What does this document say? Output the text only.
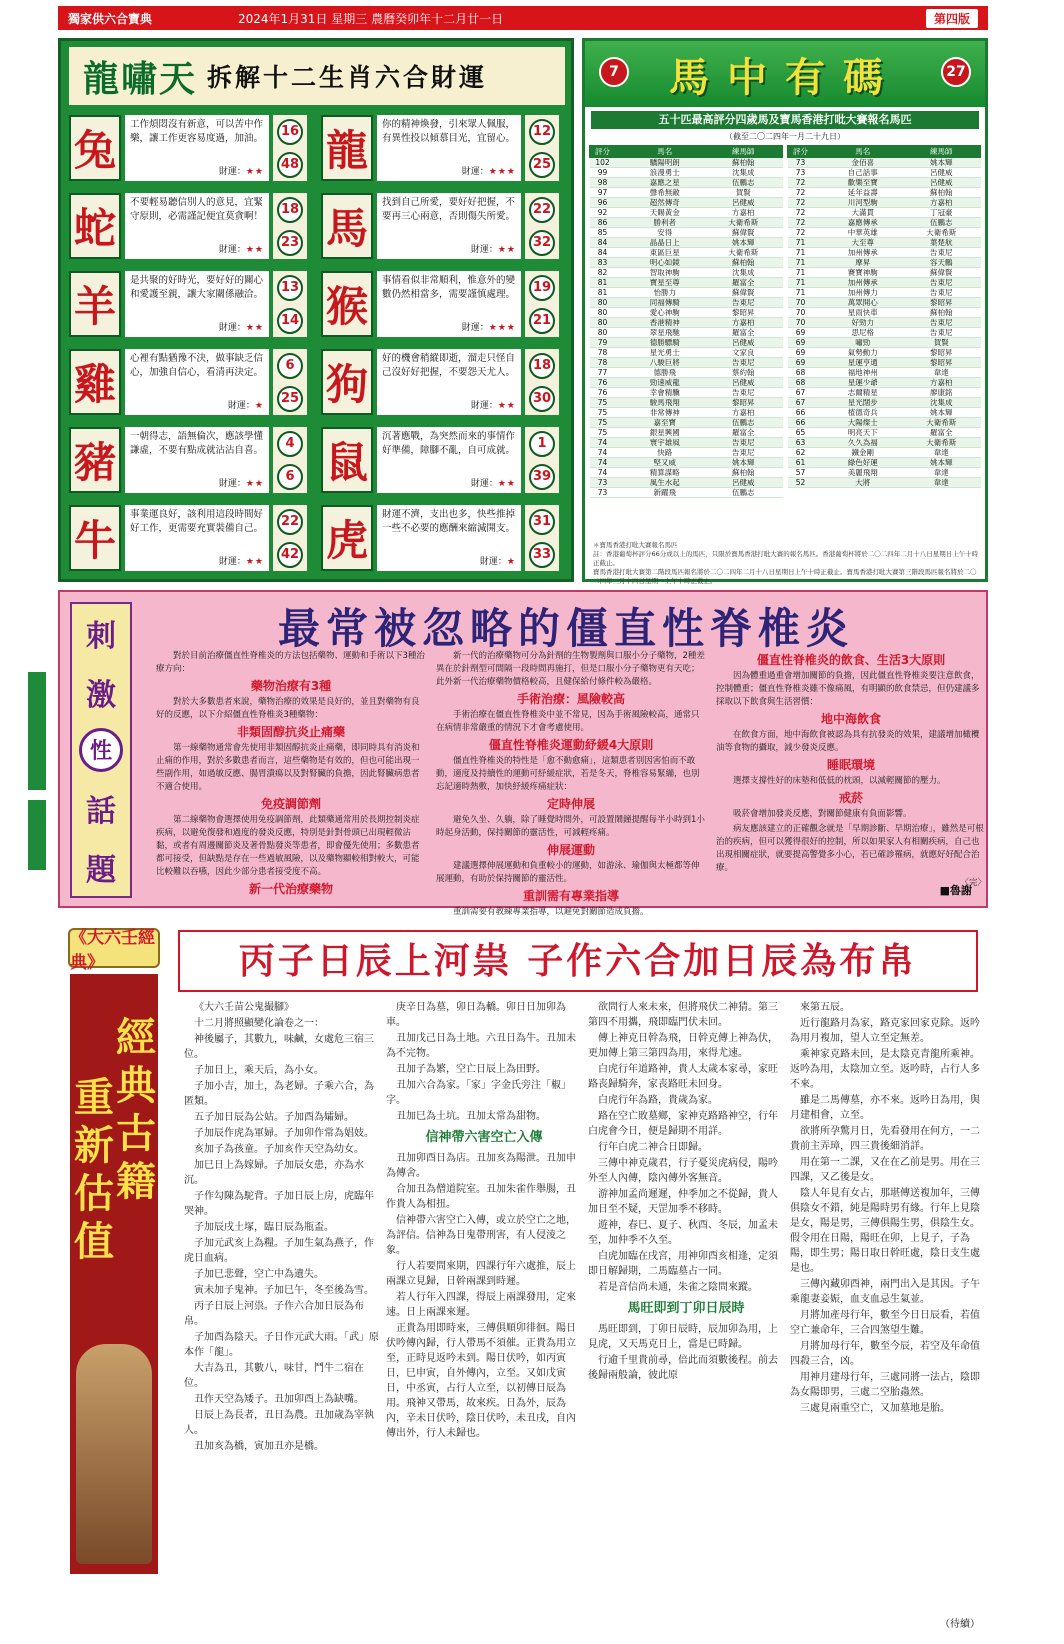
獨家供六合寶典	2024年1月31日 星期三 農曆癸卯年十二月廿一日	第四版
龍嘯天 拆解十二生肖六合財運
兔
工作煩悶沒有新意，可以苦中作樂，讓工作更容易度過，加油。
財運：★★
16
48 龍
你的精神煥發，引來眾人佩服，有異性投以傾慕目光，宜留心。
財運：★★★
12
25
蛇
不要輕易聽信別人的意見，宜緊守原則，必需謹記便宜莫貪啊！
財運：★★
18
23 馬
找到自己所愛，要好好把握，不要再三心兩意，否則傷失所愛。
財運：★★
22
32
羊
是共聚的好時光，要好好的關心和愛護至親，讓大家關係融洽。
財運：★★
13
14 猴
事情看似非常順利，惟意外的變數仍然相當多，需要謹慎處理。
財運：★★★
19
21
雞
心裡有點猶豫不決，做事缺乏信心，加強自信心，看清再決定。
財運：★
6
25 狗
好的機會稍縱即逝，溜走只怪自己沒好好把握，不要怨天尤人。
財運：★★
18
30
豬
一朝得志，語無倫次，應該學懂謙虛，不要有點成就沾沾自喜。
財運：★★
4
6 鼠
沉著應戰，為突然而來的事情作好準備，障腳不亂，自可成就。
財運：★★
1
39
牛
事業運良好，該利用這段時間好好工作，更需要充實裝備自己。
財運：★★
22
42 虎
財運不濟，支出也多，快些推掉一些不必要的應酬來縮減開支。
財運：★
31
33
7 馬中有碼	27
五十匹最高評分四歲馬及寶馬香港打吡大賽報名馬匹
（截至二〇二四年一月二十九日）
評分		馬名	練馬師
102		驕陽明朗	蘇柏翰
99		浪漫勇士	沈集成
98		嘉應之星	伍鵬志
97		聲希無敵	賀賢
96		超然傳奇	呂健威
92		天賜黃金	方嘉柏
86		勝利者	大衛希斯
85		安得	蘇偉賢
84		晶晶日上	姚本輝
84		東區巨星	大衛希斯
83		明心如鏡	蘇柏翰
82		智取神駒	沈集成
81		寶星至尊	羅富全
81		怡勝力	蘇偉賢
80		同福傳騎	告東尼
80		愛心神駒	黎昭昇
80		香港精神	方嘉柏
80		翠星飛馳	羅富全
79		德勝驃騎	呂健威
78		星光勇士	文家良
78		八駿巨將	告東尼
77		德勝飛	蔡約翰
76		勁速威龍	呂健威
76		幸會精驥	告東尼
75		駿馬飛翔	黎昭昇
75		非常傳神	方嘉柏
75		嘉至寶	伍鵬志
75		銀星興國	羅富全
74		寰宇雄風	告東尼
74		快路	告東尼
74		堅又威	姚本輝
74		精算謀略	蘇柏翰
73		風生水起	呂健威
73		新躍飛	伍鵬志
評分		馬名	練馬師
73		金佰喜	姚本輝
73		自己話事	呂健威
72		歡樂至寶	呂健威
72		延年益壽	蘇柏翰
72		川河型駒	方嘉柏
72		大滿貫	丁冠豪
72		嘉應傳承	伍鵬志
72		中華英雄	大衛希斯
71		大至尊	葉楚航
71		加州傳承	告東尼
71		摩昇	容天鵬
71		賽寶神駒	蘇偉賢
71		加州傳承	告東尼
71		加州傳力	告東尼
70		萬眾開心	黎昭昇
70		星雨快車	蘇柏翰
70		好勁力	告東尼
69		思尼格	告東尼
69		嘯勁	賀賢
69		氣勢動力	黎昭昇
69		星運亨通	黎昭昇
68		福地神州	韋達
68		星運少爺	方嘉柏
67		志爾精星	廖康銘
67		星光闊步	沈集成
66		植德奇兵	姚本輝
66		大陽燦士	大衛希斯
65		明亮天下	羅富全
63		久久為福	大衛希斯
62		鐵金剛	韋達
61		綠色好運	姚本輝
57		美麗飛翔	韋達
52		大將	韋達
＊寶馬香港打吡大賽報名馬匹
註：香港葡萄杯評分66分或以上的馬匹，只限於寶馬香港打吡大賽的報名馬匹。香港葡萄杯將於二〇二四年二月十八日星期日上午十時正截止。
寶馬香港打吡大賽第二階段馬匹報名將於二〇二四年二月十八日星期日上午十時正截止。寶馬香港打吡大賽第三階段馬匹報名將於二〇二四年三月十四日星期一上午十時正截止。
刺
激
性
話
題
最常被忽略的僵直性脊椎炎

對於目前治療僵直性脊椎炎的方法包括藥物、運動和手術以下3種治療方向：

藥物治療有3種

對於大多數患者來說，藥物治療的效果是良好的，並且對藥物有良好的反應，以下介紹僵直性脊椎炎3種藥物：

非類固醇抗炎止痛藥

第一線藥物通常會先使用非類固醇抗炎止痛藥，即同時具有消炎和止痛的作用，對於多數患者而言，這些藥物是有效的，但也可能出現一些副作用，如過敏反應、腸胃潰瘍以及對腎臟的負擔，因此腎臟病患者不適合使用。

免疫調節劑

第二線藥物會選擇使用免疫調節劑，此類藥通常用於長期控制炎症疾病，以避免復發和過度的發炎反應，特別是針對骨頭已出現輕微沾黏，或者有周邊關節炎及著骨點發炎等患者，即會優先使用；多數患者都可接受，但缺點是存在一些過敏風險，以及藥物顯較相對較大，可能比較難以吞嚥，因此少部分患者接受度不高。

新一代治療藥物

新一代的治療藥物可分為針劑的生物製劑與口服小分子藥物，2種差異在於針劑型可間隔一段時間再施打，但是口服小分子藥物更有天吃；此外新一代治療藥物價格較高，且健保給付條件較為嚴格。

手術治療：風險較高

手術治療在僵直性脊椎炎中並不常見，因為手術風險較高，通常只在病情非常嚴重的情況下才會考慮使用。

僵直性脊椎炎運動紓緩4大原則

僵直性脊椎炎的特性是「愈不動愈痛」，這類患者別因害怕而不敢動，適度及持續性的運動可紓緩症狀，若是冬天，脊椎容易緊繃，也別忘記適時熱敷，加快紓緩疼痛症狀：

定時伸展

避免久坐、久躺，除了睡覺時間外，可設置鬧鐘提醒每半小時到1小時起身活動，保持關節的靈活性，可減輕疼痛。

伸展運動

建議選擇伸展運動和負重較小的運動，如游泳、瑜伽與太極都等伸展運動，有助於保持關節的靈活性。

重訓需有專業指導

重訓需要有教練專業指導，以避免對關節造成負擔。

僵直性脊椎炎的飲食、生活3大原則

因為體重過重會增加關節的負擔，因此僵直性脊椎炎要注意飲食，控制體重；僵直性脊椎炎雖不像痛風，有明顯的飲食禁忌，但仍建議多採取以下飲食與生活習慣：

地中海飲食

在飲食方面，地中海飲食被認為具有抗發炎的效果，建議增加橄欖油等食物的攝取，減少發炎反應。

睡眠環境

選擇支撐性好的床墊和低低的枕頭，以減輕關節的壓力。

戒菸

吸菸會增加發炎反應，對關節健康有負面影響。

病友應該建立的正確觀念就是「早期診斷、早期治療」，雖然是可根治的疾病，但可以獲得很好的控制，所以如果家人有相關疾病，自己也出現相關症狀，就要提高警覺多小心，若已確診罹病，就應好好配合治療。

〈完〉

■魯謝
《大六壬經典》
經典古籍
重新估值
丙子日辰上河祟 子作六合加日辰為布帛

《大六壬苗公鬼撮腳》

十二月將照顯變化論卷之一：

神後屬子，其數九，味鹹，女處危三宿三位。

子加日上，乘天后，為小女。

子加小吉，加土，為老婦。子乘六合，為匿類。

五子加日辰為公姑。子加酉為孀婦。

子加辰作虎為軍婦。子加卯作常為娼妓。

亥加子為孩童。子加亥作天空為幼女。

加巳日上為嫁婦。子加辰女患，亦為水沉。

子作勾陳為駝背。子加日辰上房，虎臨年哭神。

子加辰戌土塚，臨日辰為瓶盃。

子加元武亥上為糧。子加生氣為燕子，作虎日血病。

子加巳悲聲，空亡中為遺失。

寅未加子鬼神。子加巳午，冬至後為雪。

丙子日辰上河祟。子作六合加日辰為布帛。

子加酉為陰天。子日作元武大雨。「武」原本作「龍」。

大吉為丑，其數八，味甘，鬥牛二宿在位。

丑作天空為矮子。丑加卯酉上為缺嘴。

日辰上為長者，丑日為農。丑加歲為宰執人。

丑加亥為橋，寅加丑亦是橋。

庚辛日為墓，卯日為轎。卯日日加卯為車。

丑加戊己日為土地。六丑日為牛。丑加未為不完物。

丑加子為繁，空亡日辰上為田野。

丑加六合為家。「家」字金氏旁注「椒」字。

丑加巳為土坑。丑加太常為甜物。

信神帶六害空亡入傳

丑加卯酉日為店。丑加亥為陽泄。丑加申為傳舍。

合加丑為僧道院室。丑加朱雀作舉腸，丑作貴人為相扭。

信神帶六害空亡入傳，或立於空亡之地，為評信。信神為日鬼帶刑害，有人侵淩之象。

行人若要問來期，四課行年六處推，辰上兩課立見歸，日幹兩課到時遲。

若人行年入四課，得辰上兩課發用，定來速。日上兩課來遲。

正貴為用即時來，三傳俱順卯徘徊。陽日伏吟傳內歸，行人帶馬不須催。正貴為用立至，正時見返吟未到。陽日伏吟，如丙寅日，巳申寅，自外傳內，立至。又如戊寅日，中丞寅，占行人立至，以初傳日辰為用。飛神又帶馬，故來疾。日為外，辰為內，辛未日伏吟，陰日伏吟，未丑戌，自內傳出外，行人未歸也。

欲問行人來未來，但將飛伏二神猜。第三第四不用攜，飛即臨門伏未回。

傳上神克日幹為飛，日幹克傳上神為伏，更加傳上第三第四為用，來得尤速。

白虎行年道路神，貴人太歲本家尋，家旺路丧歸騎奔，家丧路旺未回身。

白虎行年為路，貴歲為家。

路在空亡敗墓鄉，家神克路路神空，行年白虎會今日，便是歸期不用詳。

行年白虎二神合日即歸。

三傳中神克歲君，行子憂災虎病侵，陽吟外至人內傳，陰內傳外客無音。

游神加孟尚遲遲，仲季加之不從歸，貴人加日至不疑，天罡加季不移時。

遊神，春巳、夏子、秋酉、冬辰，加孟未至，加仲季不久至。

白虎加臨在戌宮，用神卯酉亥相逢，定須即日解歸期，二馬臨墓占一同。

若是音信尚未通，朱雀之陰問來蹤。

馬旺即到丁卯日辰時

馬旺即到，丁卯日辰時，辰加卯為用，上見虎，又天馬克日上，當是已時歸。

行逾千里貴前尋，倍此而須數後程。前去後歸兩般論，彼此原

來第五辰。

近行龍路月為家，路克家回家克除。返吟為用月複加，望人立至定無差。

乘神家克路未回，是太陰克青龍所乘神。返吟為用，太陰加立至。返吟時，占行人多不來。

雖是二馬傳墓，亦不來。返吟日為用，與月建相會，立至。

欲將所孕驚月日，先看發用在何方，一二貴前主弄璋，四三貴後細消詳。

用在第一二課，又在在乙前是男。用在三四課，又乙後是女。

陰人年見有女占，那堪傳送複加年，三傳俱陰女不錯，純是陽時男有緣。行年上見陰是女，陽是男，三傳俱陽生男，俱陰生女。假令用在日陽，陽旺在卯，上見子，子為陽，即生男；陽日取日幹旺處，陰日支生處是也。

三傳內藏卯酉神，兩門出入是其因。子午乘龍妻妾娠，血支血忌生氣並。

月將加產母行年，數至今日日辰看，若值空亡兼命年，三合四煞望生難。

月將加母行年，數至今辰，若空及年命值四殺三合，凶。

用神月建母行年，三處同將一法占，陰即為女陽即男，三處二空胎蟲然。

三處見兩重空亡，又加墓地是胎。

（待續）
